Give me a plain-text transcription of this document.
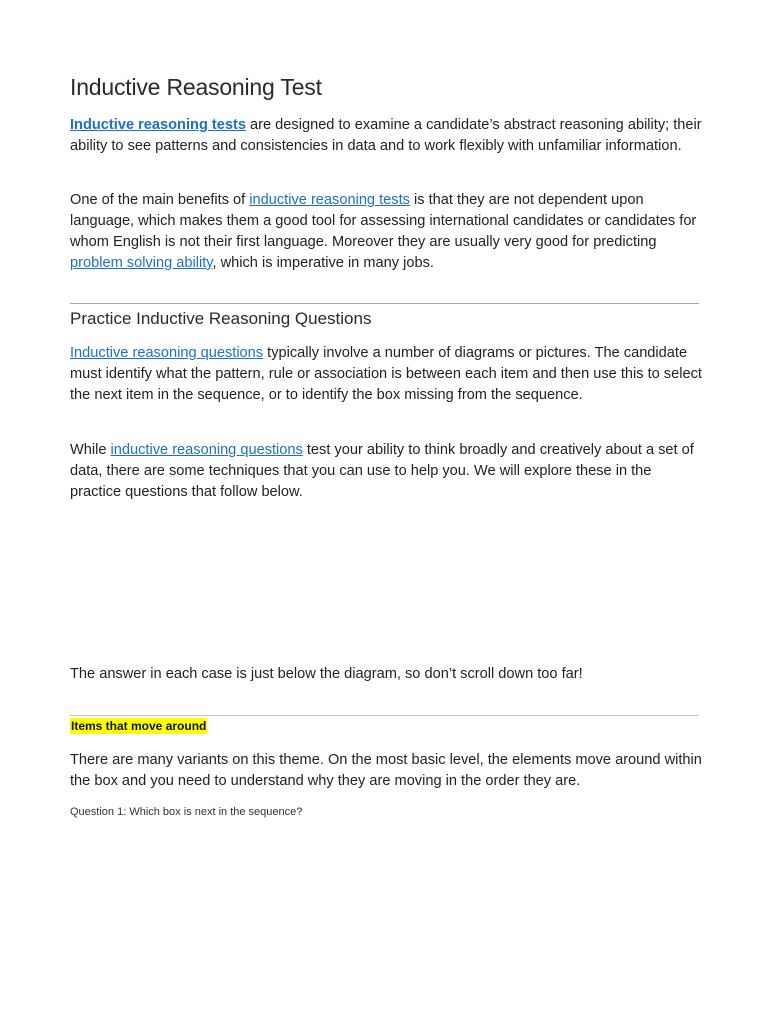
Inductive Reasoning Test

Inductive reasoning tests are designed to examine a candidate’s abstract reasoning ability; their ability to see patterns and consistencies in data and to work flexibly with unfamiliar information.

One of the main benefits of inductive reasoning tests is that they are not dependent upon language, which makes them a good tool for assessing international candidates or candidates for whom English is not their first language. Moreover they are usually very good for predicting problem solving ability, which is imperative in many jobs.

Practice Inductive Reasoning Questions

Inductive reasoning questions typically involve a number of diagrams or pictures. The candidate must identify what the pattern, rule or association is between each item and then use this to select the next item in the sequence, or to identify the box missing from the sequence.

While inductive reasoning questions test your ability to think broadly and creatively about a set of data, there are some techniques that you can use to help you. We will explore these in the practice questions that follow below.

The answer in each case is just below the diagram, so don’t scroll down too far!

Items that move around

There are many variants on this theme. On the most basic level, the elements move around within the box and you need to understand why they are moving in the order they are.

Question 1: Which box is next in the sequence?
